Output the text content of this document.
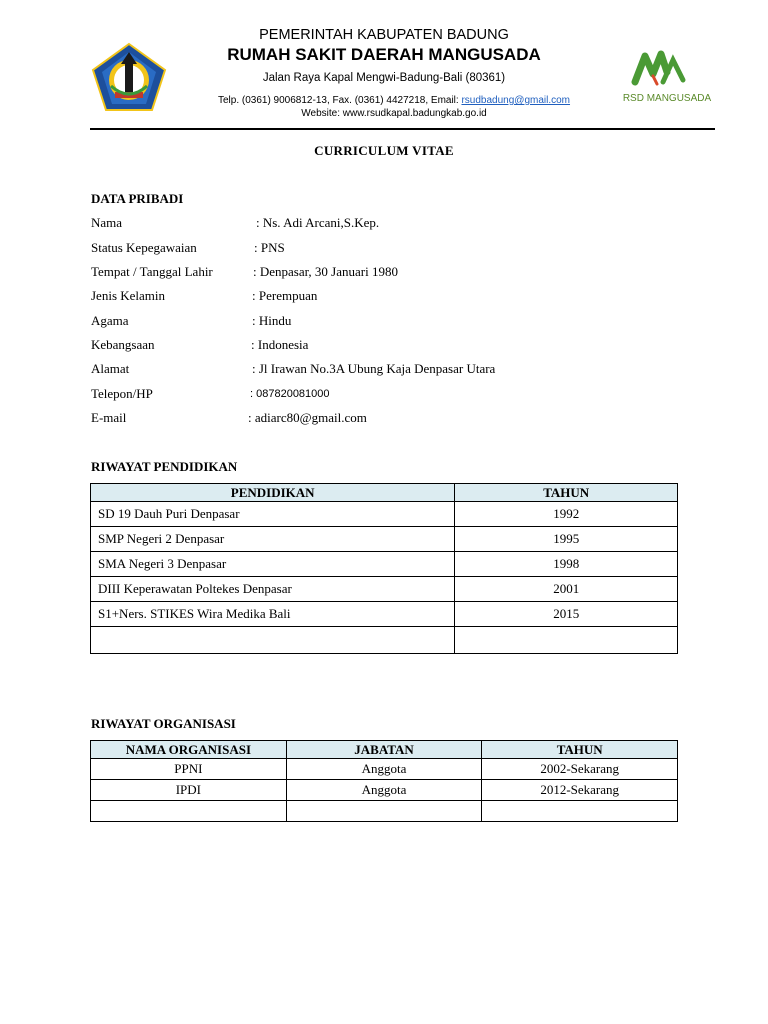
PEMERINTAH KABUPATEN BADUNG
RUMAH SAKIT DAERAH MANGUSADA
Jalan Raya Kapal Mengwi-Badung-Bali (80361)
Telp. (0361) 9006812-13, Fax. (0361) 4427218, Email: rsudbadung@gmail.com
Website: www.rsudkapal.badungkab.go.id
RSD MANGUSADA
CURRICULUM VITAE
DATA PRIBADI
Nama	: Ns. Adi Arcani,S.Kep.
Status Kepegawaian	: PNS
Tempat / Tanggal Lahir	: Denpasar, 30 Januari 1980
Jenis Kelamin	: Perempuan
Agama	: Hindu
Kebangsaan	: Indonesia
Alamat	: Jl Irawan No.3A Ubung Kaja Denpasar Utara
Telepon/HP	: 087820081000
E-mail	: adiarc80@gmail.com
RIWAYAT PENDIDIKAN
PENDIDIKAN	TAHUN
SD 19 Dauh Puri Denpasar	1992
SMP Negeri 2 Denpasar	1995
SMA Negeri 3 Denpasar	1998
DIII Keperawatan Poltekes Denpasar	2001
S1+Ners. STIKES Wira Medika Bali	2015

RIWAYAT ORGANISASI
NAMA ORGANISASI	JABATAN	TAHUN
PPNI	Anggota	2002-Sekarang
IPDI	Anggota	2012-Sekarang
